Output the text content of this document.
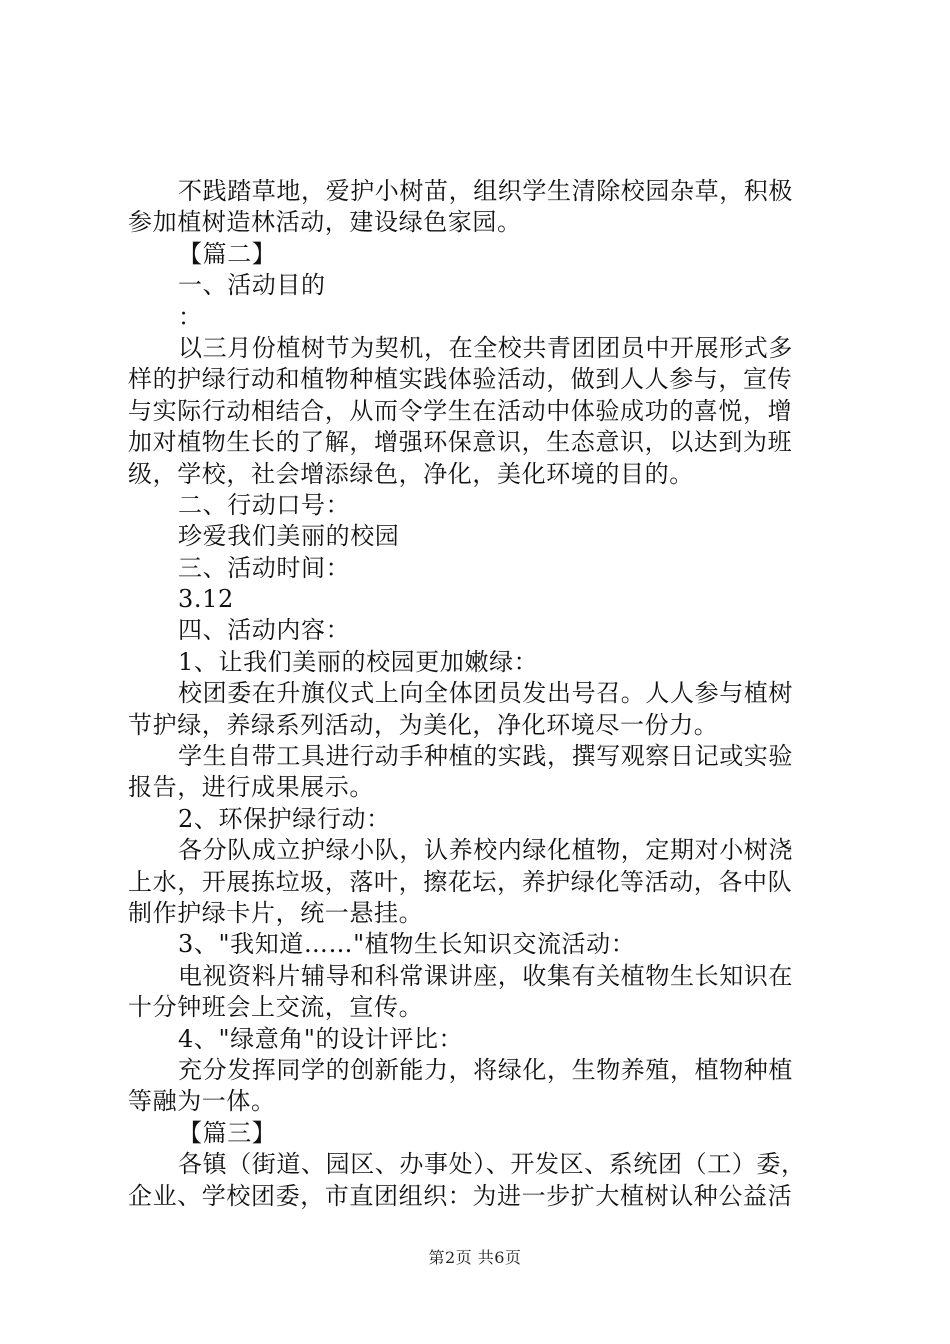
不践踏草地，爱护小树苗，组织学生清除校园杂草，积极
参加植树造林活动，建设绿色家园。
【篇二】
一、活动目的
：
以三月份植树节为契机，在全校共青团团员中开展形式多
样的护绿行动和植物种植实践体验活动，做到人人参与，宣传
与实际行动相结合，从而令学生在活动中体验成功的喜悦，增
加对植物生长的了解，增强环保意识，生态意识，以达到为班
级，学校，社会增添绿色，净化，美化环境的目的。
二、行动口号：
珍爱我们美丽的校园
三、活动时间：
3.12
四、活动内容：
1、让我们美丽的校园更加嫩绿：
校团委在升旗仪式上向全体团员发出号召。人人参与植树
节护绿，养绿系列活动，为美化，净化环境尽一份力。
学生自带工具进行动手种植的实践，撰写观察日记或实验
报告，进行成果展示。
2、环保护绿行动：
各分队成立护绿小队，认养校内绿化植物，定期对小树浇
上水，开展拣垃圾，落叶，擦花坛，养护绿化等活动，各中队
制作护绿卡片，统一悬挂。
3、"我知道……"植物生长知识交流活动：
电视资料片辅导和科常课讲座，收集有关植物生长知识在
十分钟班会上交流，宣传。
4、"绿意角"的设计评比：
充分发挥同学的创新能力，将绿化，生物养殖，植物种植
等融为一体。
【篇三】
各镇（街道、园区、办事处）、开发区、系统团（工）委，
企业、学校团委，市直团组织：为进一步扩大植树认种公益活
第2页 共6页
